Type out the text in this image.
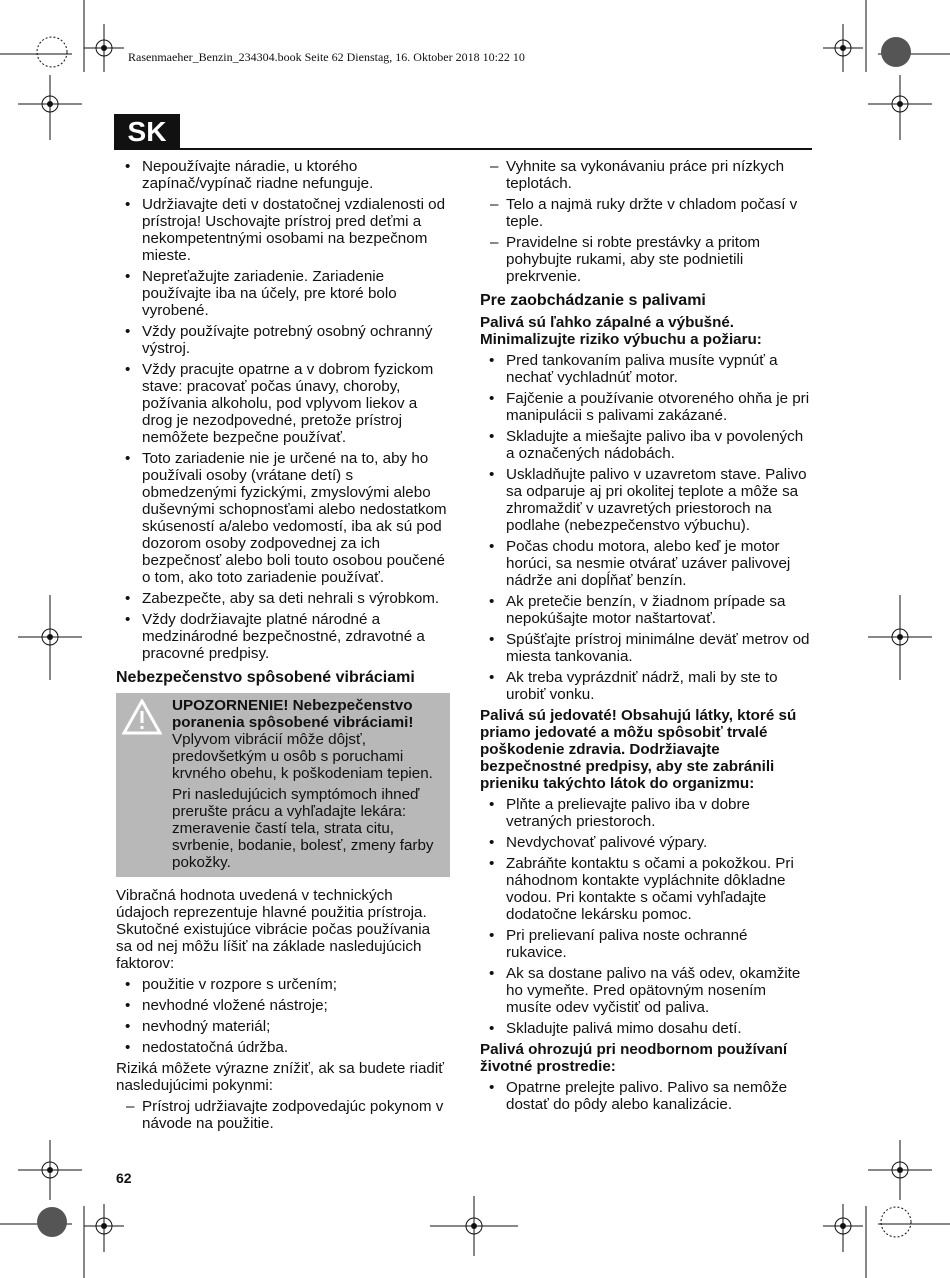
Rasenmaeher_Benzin_234304.book Seite 62 Dienstag, 16. Oktober 2018 10:22 10
SK
• Nepoužívajte náradie, u ktorého zapínač/vypínač riadne nefunguje.
• Udržiavajte deti v dostatočnej vzdialenosti od prístroja! Uschovajte prístroj pred deťmi a nekompetentnými osobami na bezpečnom mieste.
• Nepreťažujte zariadenie. Zariadenie používajte iba na účely, pre ktoré bolo vyrobené.
• Vždy používajte potrebný osobný ochranný výstroj.
• Vždy pracujte opatrne a v dobrom fyzickom stave: pracovať počas únavy, choroby, požívania alkoholu, pod vplyvom liekov a drog je nezodpovedné, pretože prístroj nemôžete bezpečne používať.
• Toto zariadenie nie je určené na to, aby ho používali osoby (vrátane detí) s obmedzenými fyzickými, zmyslovými alebo duševnými schopnosťami alebo nedostatkom skúseností a/alebo vedomostí, iba ak sú pod dozorom osoby zodpovednej za ich bezpečnosť alebo boli touto osobou poučené o tom, ako toto zariadenie používať.
• Zabezpečte, aby sa deti nehrali s výrobkom.
• Vždy dodržiavajte platné národné a medzinárodné bezpečnostné, zdravotné a pracovné predpisy.
Nebezpečenstvo spôsobené vibráciami
UPOZORNENIE! Nebezpečenstvo poranenia spôsobené vibráciami!

Vplyvom vibrácií môže dôjsť, predovšetkým u osôb s poruchami krvného obehu, k poškodeniam tepien.

Pri nasledujúcich symptómoch ihneď prerušte prácu a vyhľadajte lekára: zmeravenie častí tela, strata citu, svrbenie, bodanie, bolesť, zmeny farby pokožky.

Vibračná hodnota uvedená v technických údajoch reprezentuje hlavné použitia prístroja. Skutočné existujúce vibrácie počas používania sa od nej môžu líšiť na základe nasledujúcich faktorov:

• použitie v rozpore s určením;
• nevhodné vložené nástroje;
• nevhodný materiál;
• nedostatočná údržba.

Riziká môžete výrazne znížiť, ak sa budete riadiť nasledujúcimi pokynmi:

– Prístroj udržiavajte zodpovedajúc pokynom v návode na použitie.
– Vyhnite sa vykonávaniu práce pri nízkych teplotách.
– Telo a najmä ruky držte v chladom počasí v teple.
– Pravidelne si robte prestávky a pritom pohybujte rukami, aby ste podnietili prekrvenie.
Pre zaobchádzanie s palivami

Palivá sú ľahko zápalné a výbušné. Minimalizujte riziko výbuchu a požiaru:

• Pred tankovaním paliva musíte vypnúť a nechať vychladnúť motor.
• Fajčenie a používanie otvoreného ohňa je pri manipulácii s palivami zakázané.
• Skladujte a miešajte palivo iba v povolených a označených nádobách.
• Uskladňujte palivo v uzavretom stave. Palivo sa odparuje aj pri okolitej teplote a môže sa zhromaždiť v uzavretých priestoroch na podlahe (nebezpečenstvo výbuchu).
• Počas chodu motora, alebo keď je motor horúci, sa nesmie otvárať uzáver palivovej nádrže ani dopĺňať benzín.
• Ak pretečie benzín, v žiadnom prípade sa nepokúšajte motor naštartovať.
• Spúšťajte prístroj minimálne deväť metrov od miesta tankovania.
• Ak treba vyprázdniť nádrž, mali by ste to urobiť vonku.

Palivá sú jedovaté! Obsahujú látky, ktoré sú priamo jedovaté a môžu spôsobiť trvalé poškodenie zdravia. Dodržiavajte bezpečnostné predpisy, aby ste zabránili prieniku takýchto látok do organizmu:

• Plňte a prelievajte palivo iba v dobre vetraných priestoroch.
• Nevdychovať palivové výpary.
• Zabráňte kontaktu s očami a pokožkou. Pri náhodnom kontakte vypláchnite dôkladne vodou. Pri kontakte s očami vyhľadajte dodatočne lekársku pomoc.
• Pri prelievaní paliva noste ochranné rukavice.
• Ak sa dostane palivo na váš odev, okamžite ho vymeňte. Pred opätovným nosením musíte odev vyčistiť od paliva.
• Skladujte palivá mimo dosahu detí.

Palivá ohrozujú pri neodbornom používaní životné prostredie:

• Opatrne prelejte palivo. Palivo sa nemôže dostať do pôdy alebo kanalizácie.
62
